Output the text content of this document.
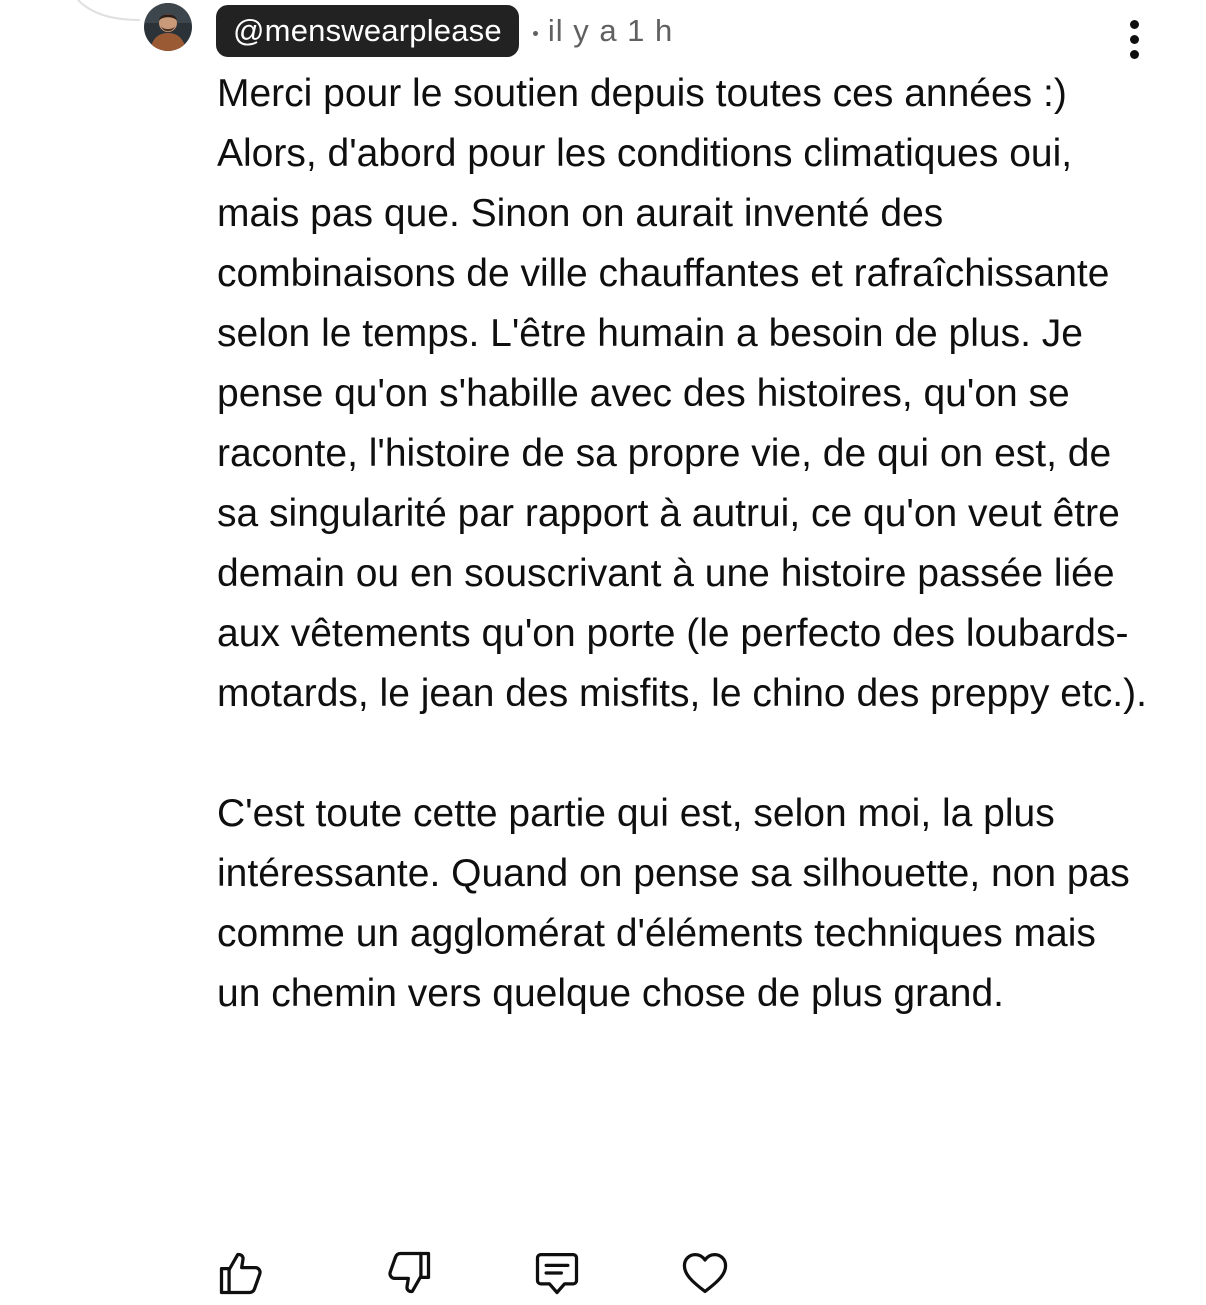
@menswearplease	il y a 1 h

Merci pour le soutien depuis toutes ces années :) Alors, d'abord pour les conditions climatiques oui, mais pas que. Sinon on aurait inventé des combinaisons de ville chauffantes et rafraîchissante selon le temps. L'être humain a besoin de plus. Je pense qu'on s'habille avec des histoires, qu'on se raconte, l'histoire de sa propre vie, de qui on est, de sa singularité par rapport à autrui, ce qu'on veut être demain ou en souscrivant à une histoire passée liée aux vêtements qu'on porte (le perfecto des loubards-motards, le jean des misfits, le chino des preppy etc.).

C'est toute cette partie qui est, selon moi, la plus intéressante. Quand on pense sa silhouette, non pas comme un agglomérat d'éléments techniques mais un chemin vers quelque chose de plus grand.
